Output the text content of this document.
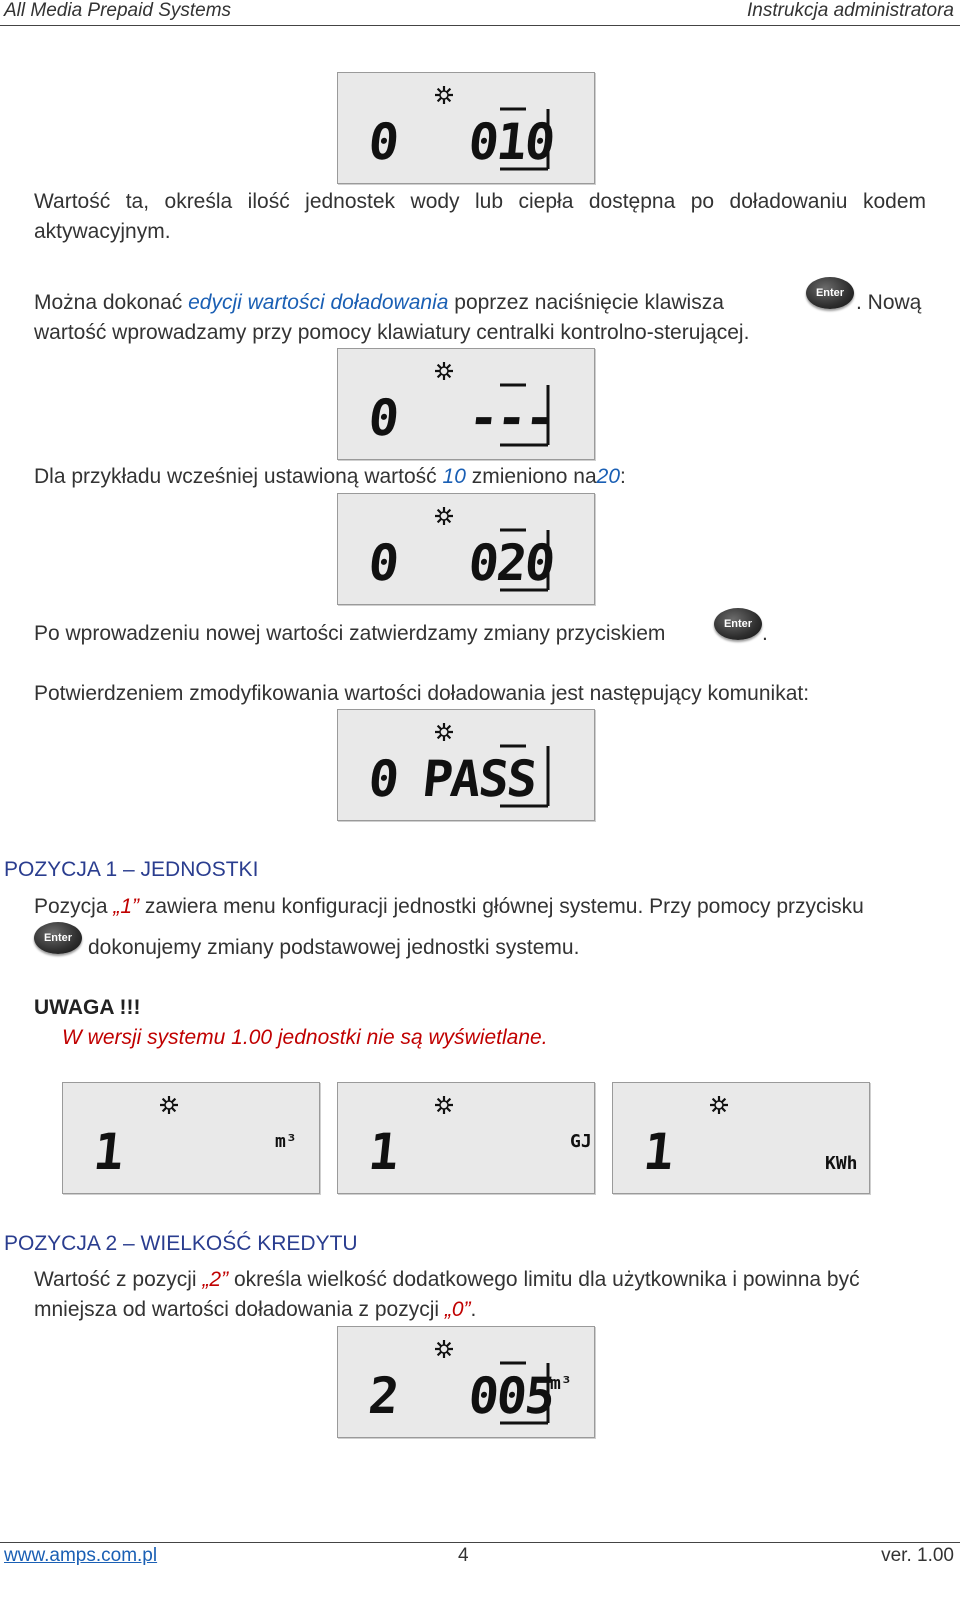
All Media Prepaid Systems	Instrukcja administratora
0 010
Wartość ta, określa ilość jednostek wody lub ciepła dostępna po doładowaniu kodem
aktywacyjnym.
Można dokonać edycji wartości doładowania poprzez naciśnięcie klawisza	Enter . Nową
wartość wprowadzamy przy pomocy klawiatury centralki kontrolno-sterującej.
0 ---
Dla przykładu wcześniej ustawioną wartość 10 zmieniono na20:
0 020
Po wprowadzeniu nowej wartości zatwierdzamy zmiany przyciskiem	Enter .
Potwierdzeniem zmodyfikowania wartości doładowania jest następujący komunikat:
0 PASS
POZYCJA 1 – JEDNOSTKI
Pozycja „1” zawiera menu konfiguracji jednostki głównej systemu. Przy pomocy przycisku
Enter dokonujemy zmiany podstawowej jednostki systemu.
UWAGA !!!
W wersji systemu 1.00 jednostki nie są wyświetlane.
1	m³ 1	GJ 1	KWh
POZYCJA 2 – WIELKOŚĆ KREDYTU
Wartość z pozycji „2” określa wielkość dodatkowego limitu dla użytkownika i powinna być
mniejsza od wartości doładowania z pozycji „0”.
2 005
m³
www.amps.com.pl	4	ver. 1.00
